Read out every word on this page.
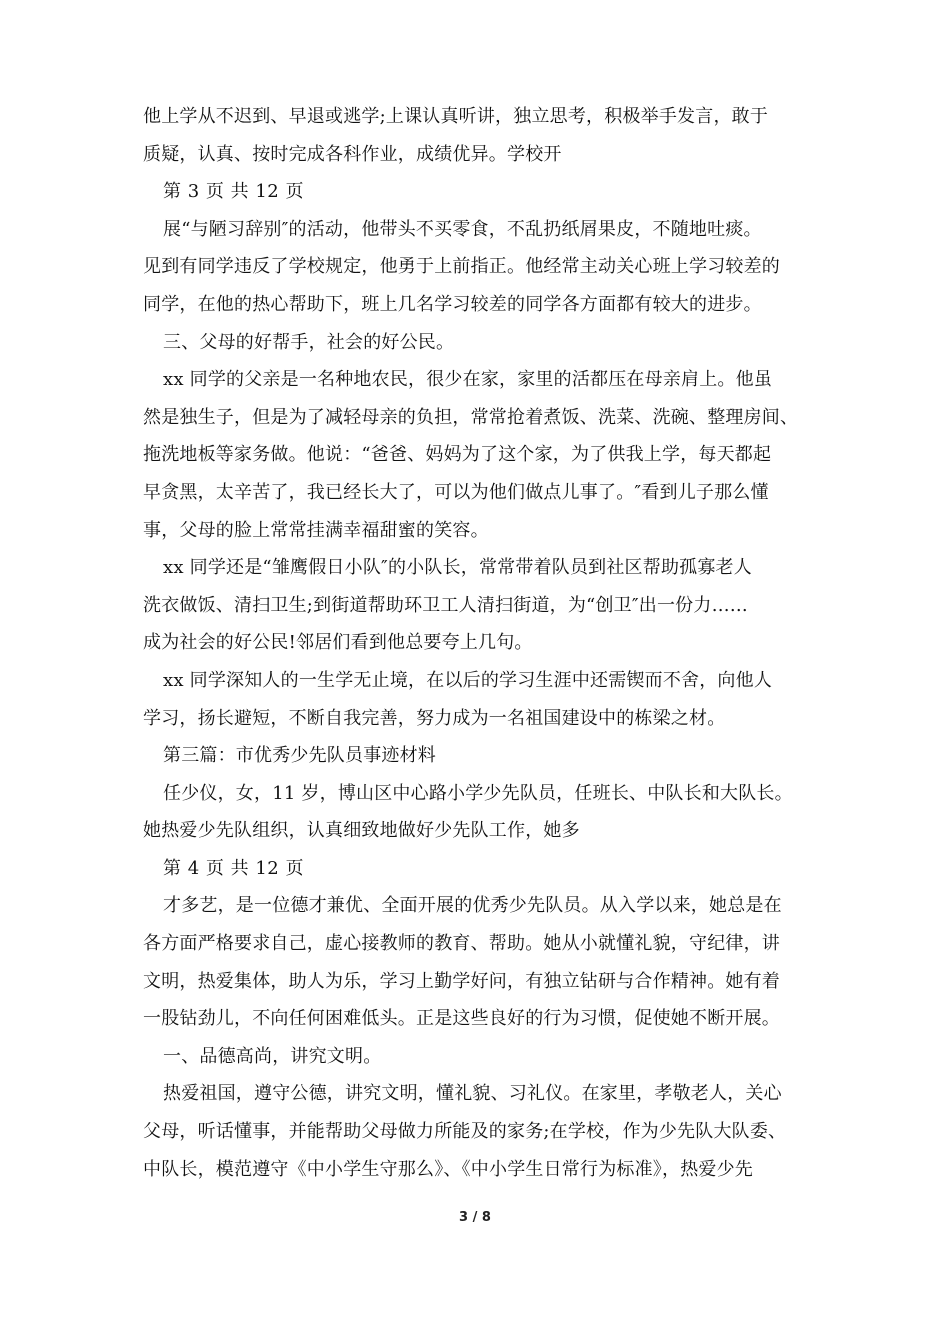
他上学从不迟到、早退或逃学;上课认真听讲，独立思考，积极举手发言，敢于
质疑，认真、按时完成各科作业，成绩优异。学校开
第 3 页 共 12 页
展“与陋习辞别″的活动，他带头不买零食，不乱扔纸屑果皮，不随地吐痰。
见到有同学违反了学校规定，他勇于上前指正。他经常主动关心班上学习较差的
同学，在他的热心帮助下，班上几名学习较差的同学各方面都有较大的进步。
三、父母的好帮手，社会的好公民。
xx 同学的父亲是一名种地农民，很少在家，家里的活都压在母亲肩上。他虽
然是独生子，但是为了减轻母亲的负担，常常抢着煮饭、洗菜、洗碗、整理房间、
拖洗地板等家务做。他说：“爸爸、妈妈为了这个家，为了供我上学，每天都起
早贪黑，太辛苦了，我已经长大了，可以为他们做点儿事了。″看到儿子那么懂
事，父母的脸上常常挂满幸福甜蜜的笑容。
xx 同学还是“雏鹰假日小队″的小队长，常常带着队员到社区帮助孤寡老人
洗衣做饭、清扫卫生;到街道帮助环卫工人清扫街道，为“创卫″出一份力……
成为社会的好公民!邻居们看到他总要夸上几句。
xx 同学深知人的一生学无止境，在以后的学习生涯中还需锲而不舍，向他人
学习，扬长避短，不断自我完善，努力成为一名祖国建设中的栋梁之材。
第三篇：市优秀少先队员事迹材料
任少仪，女，11 岁，博山区中心路小学少先队员，任班长、中队长和大队长。
她热爱少先队组织，认真细致地做好少先队工作，她多
第 4 页 共 12 页
才多艺，是一位德才兼优、全面开展的优秀少先队员。从入学以来，她总是在
各方面严格要求自己，虚心接教师的教育、帮助。她从小就懂礼貌，守纪律，讲
文明，热爱集体，助人为乐，学习上勤学好问，有独立钻研与合作精神。她有着
一股钻劲儿，不向任何困难低头。正是这些良好的行为习惯，促使她不断开展。
一、品德高尚，讲究文明。
热爱祖国，遵守公德，讲究文明，懂礼貌、习礼仪。在家里，孝敬老人，关心
父母，听话懂事，并能帮助父母做力所能及的家务;在学校，作为少先队大队委、
中队长，模范遵守《中小学生守那么》、《中小学生日常行为标准》，热爱少先
3 / 8
